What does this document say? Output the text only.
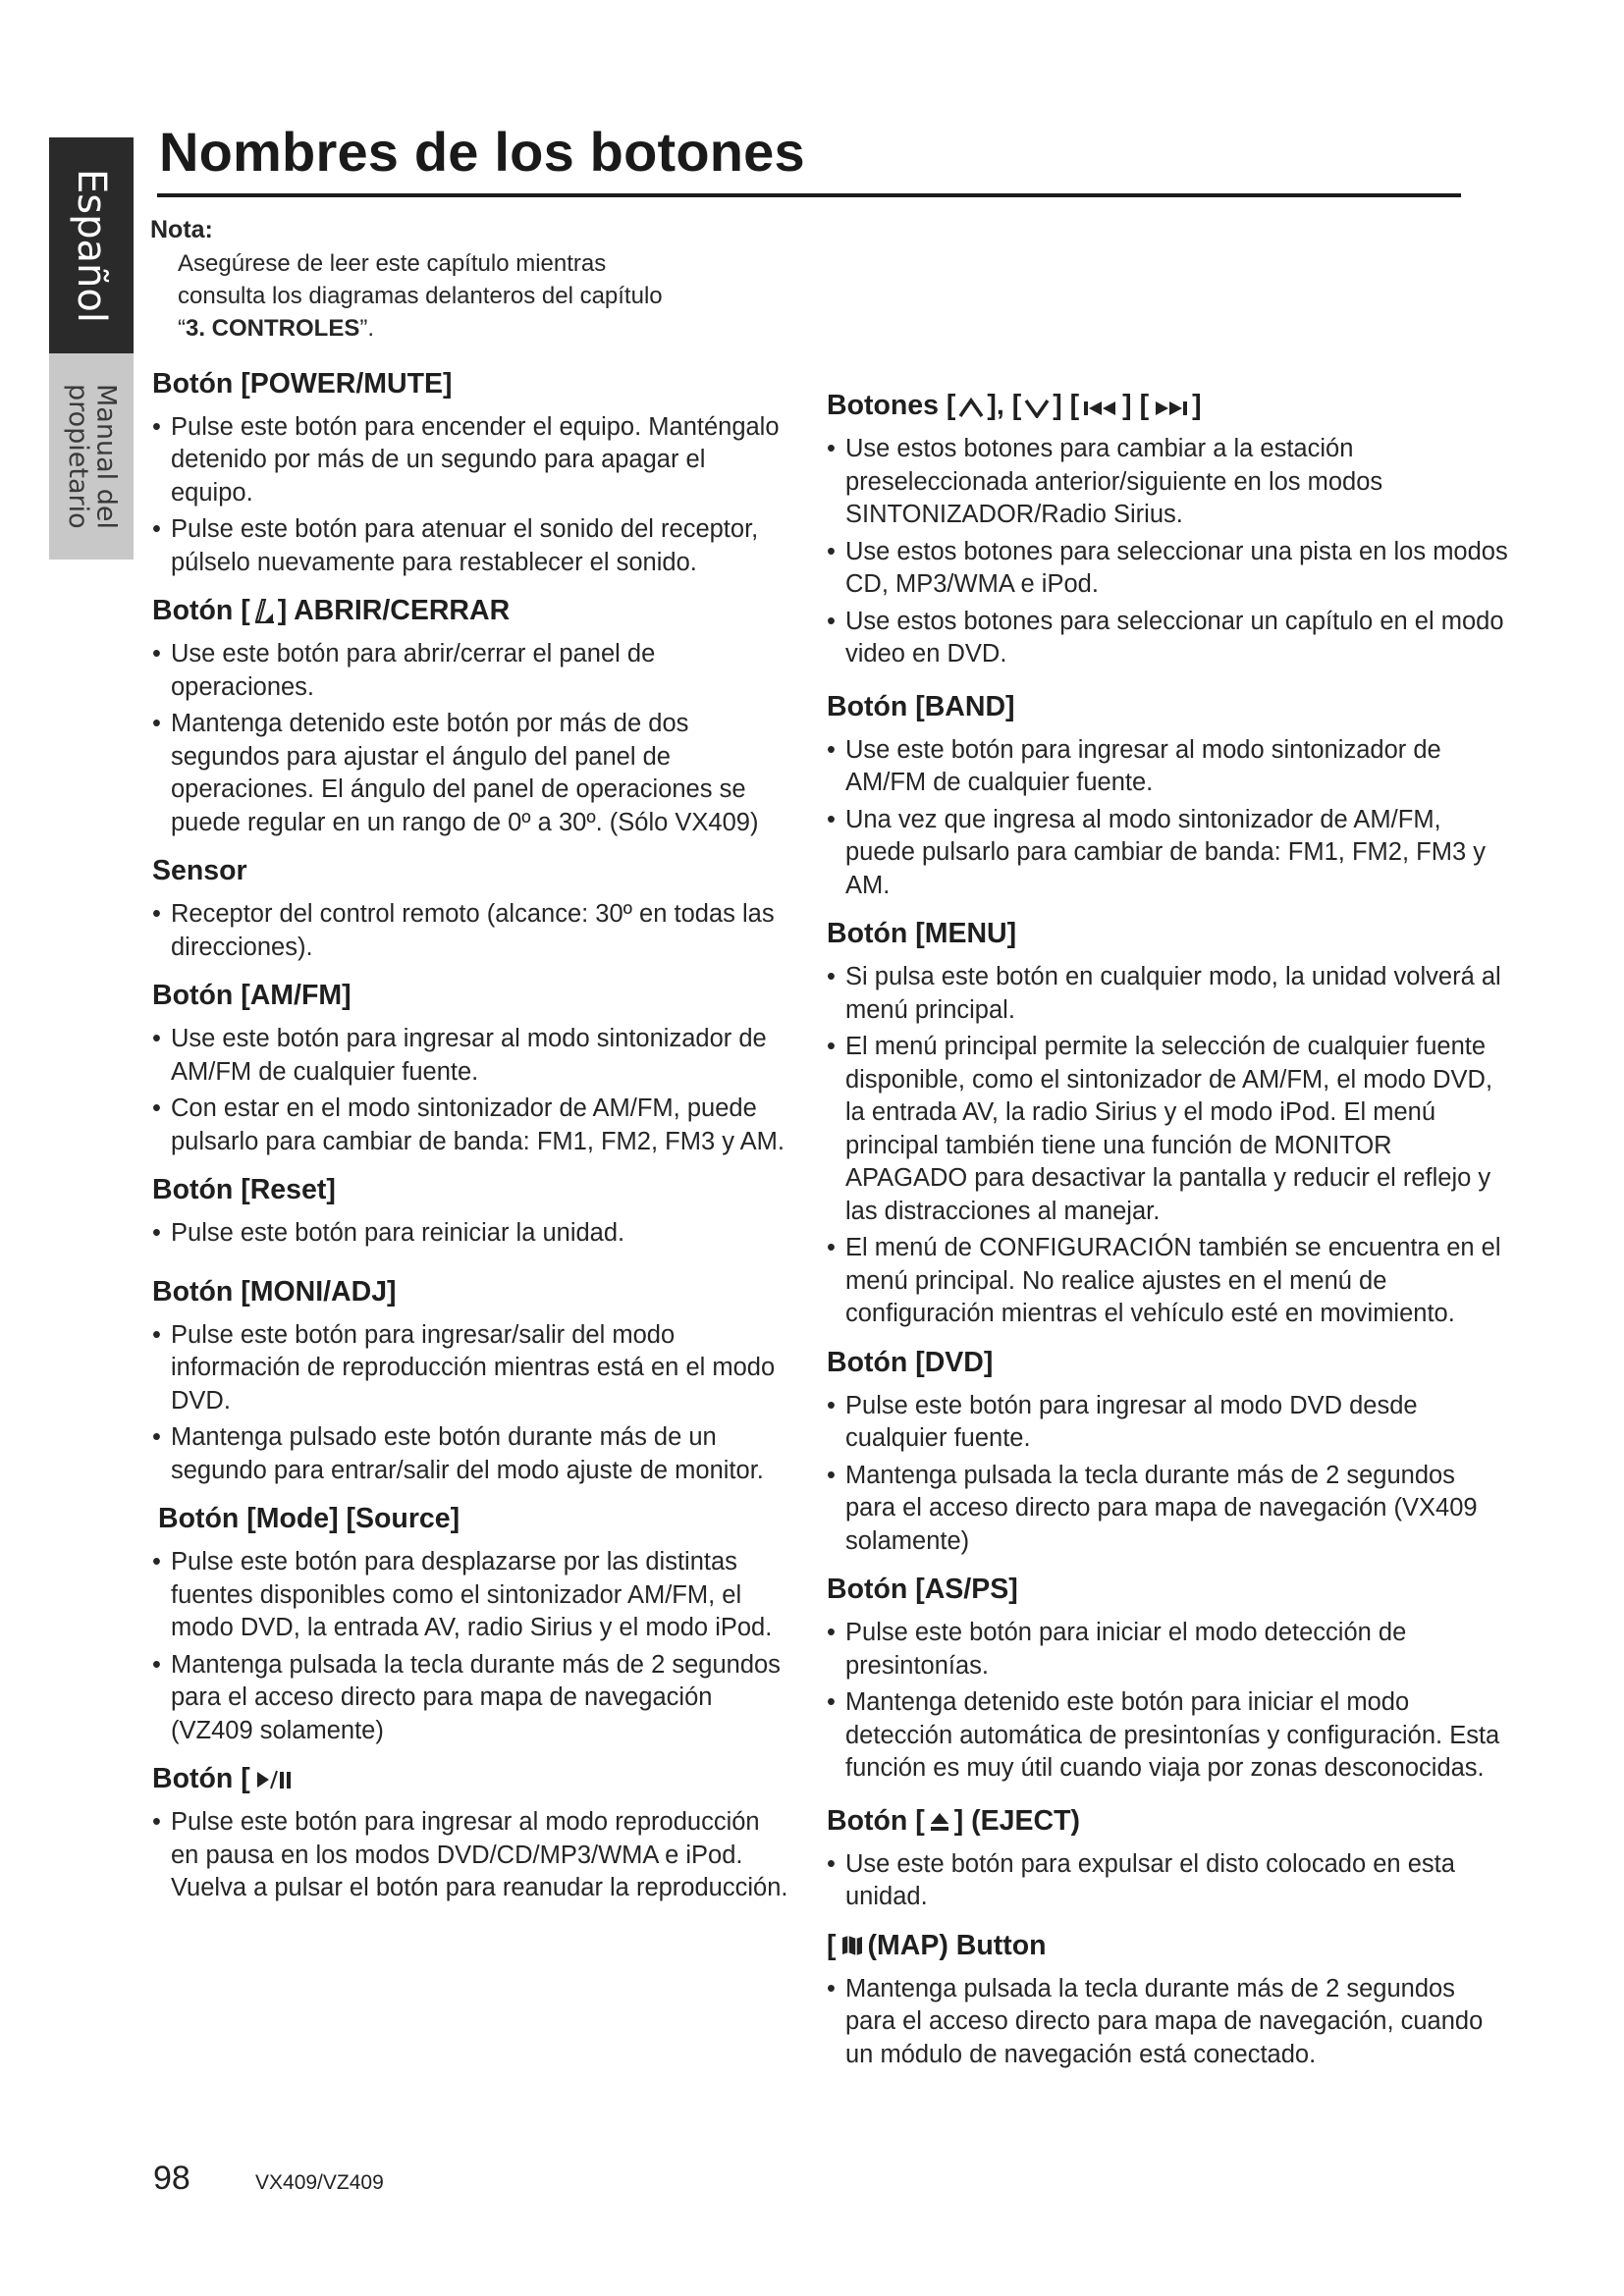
Español
Manual del
propietario
Nombres de los botones

Nota:

Asegúrese de leer este capítulo mientras
consulta los diagramas delanteros del capítulo
“3. CONTROLES”.

Botón [POWER/MUTE]
• Pulse este botón para encender el equipo. Manténgalo detenido por más de un segundo para apagar el equipo.
• Pulse este botón para atenuar el sonido del receptor, púlselo nuevamente para restablecer el sonido.
Botón [ ] ABRIR/CERRAR
• Use este botón para abrir/cerrar el panel de operaciones.
• Mantenga detenido este botón por más de dos segundos para ajustar el ángulo del panel de operaciones. El ángulo del panel de operaciones se puede regular en un rango de 0º a 30º. (Sólo VX409)
Sensor
• Receptor del control remoto (alcance: 30º en todas las direcciones).
Botón [AM/FM]
• Use este botón para ingresar al modo sintonizador de AM/FM de cualquier fuente.
• Con estar en el modo sintonizador de AM/FM, puede pulsarlo para cambiar de banda: FM1, FM2, FM3 y AM.
Botón [Reset]
• Pulse este botón para reiniciar la unidad.
Botón [MONI/ADJ]
• Pulse este botón para ingresar/salir del modo información de reproducción mientras está en el modo DVD.
• Mantenga pulsado este botón durante más de un segundo para entrar/salir del modo ajuste de monitor.
Botón [Mode] [Source]
• Pulse este botón para desplazarse por las distintas fuentes disponibles como el sintonizador AM/FM, el modo DVD, la entrada AV, radio Sirius y el modo iPod.
• Mantenga pulsada la tecla durante más de 2 segundos para el acceso directo para mapa de navegación (VZ409 solamente)
Botón [
• Pulse este botón para ingresar al modo reproducción en pausa en los modos DVD/CD/MP3/WMA e iPod. Vuelva a pulsar el botón para reanudar la reproducción.
Botones [ ], [ ] [ ] [ ]
• Use estos botones para cambiar a la estación preseleccionada anterior/siguiente en los modos SINTONIZADOR/Radio Sirius.
• Use estos botones para seleccionar una pista en los modos CD, MP3/WMA e iPod.
• Use estos botones para seleccionar un capítulo en el modo video en DVD.
Botón [BAND]
• Use este botón para ingresar al modo sintonizador de AM/FM de cualquier fuente.
• Una vez que ingresa al modo sintonizador de AM/FM, puede pulsarlo para cambiar de banda: FM1, FM2, FM3 y AM.
Botón [MENU]
• Si pulsa este botón en cualquier modo, la unidad volverá al menú principal.
• El menú principal permite la selección de cualquier fuente disponible, como el sintonizador de AM/FM, el modo DVD, la entrada AV, la radio Sirius y el modo iPod. El menú principal también tiene una función de MONITOR APAGADO para desactivar la pantalla y reducir el reflejo y las distracciones al manejar.
• El menú de CONFIGURACIÓN también se encuentra en el menú principal. No realice ajustes en el menú de configuración mientras el vehículo esté en movimiento.
Botón [DVD]
• Pulse este botón para ingresar al modo DVD desde cualquier fuente.
• Mantenga pulsada la tecla durante más de 2 segundos para el acceso directo para mapa de navegación (VX409 solamente)
Botón [AS/PS]
• Pulse este botón para iniciar el modo detección de presintonías.
• Mantenga detenido este botón para iniciar el modo detección automática de presintonías y configuración. Esta función es muy útil cuando viaja por zonas desconocidas.
Botón [ ] (EJECT)
• Use este botón para expulsar el disto colocado en esta unidad.
[ (MAP) Button
• Mantenga pulsada la tecla durante más de 2 segundos para el acceso directo para mapa de navegación, cuando un módulo de navegación está conectado.
98	VX409/VZ409
